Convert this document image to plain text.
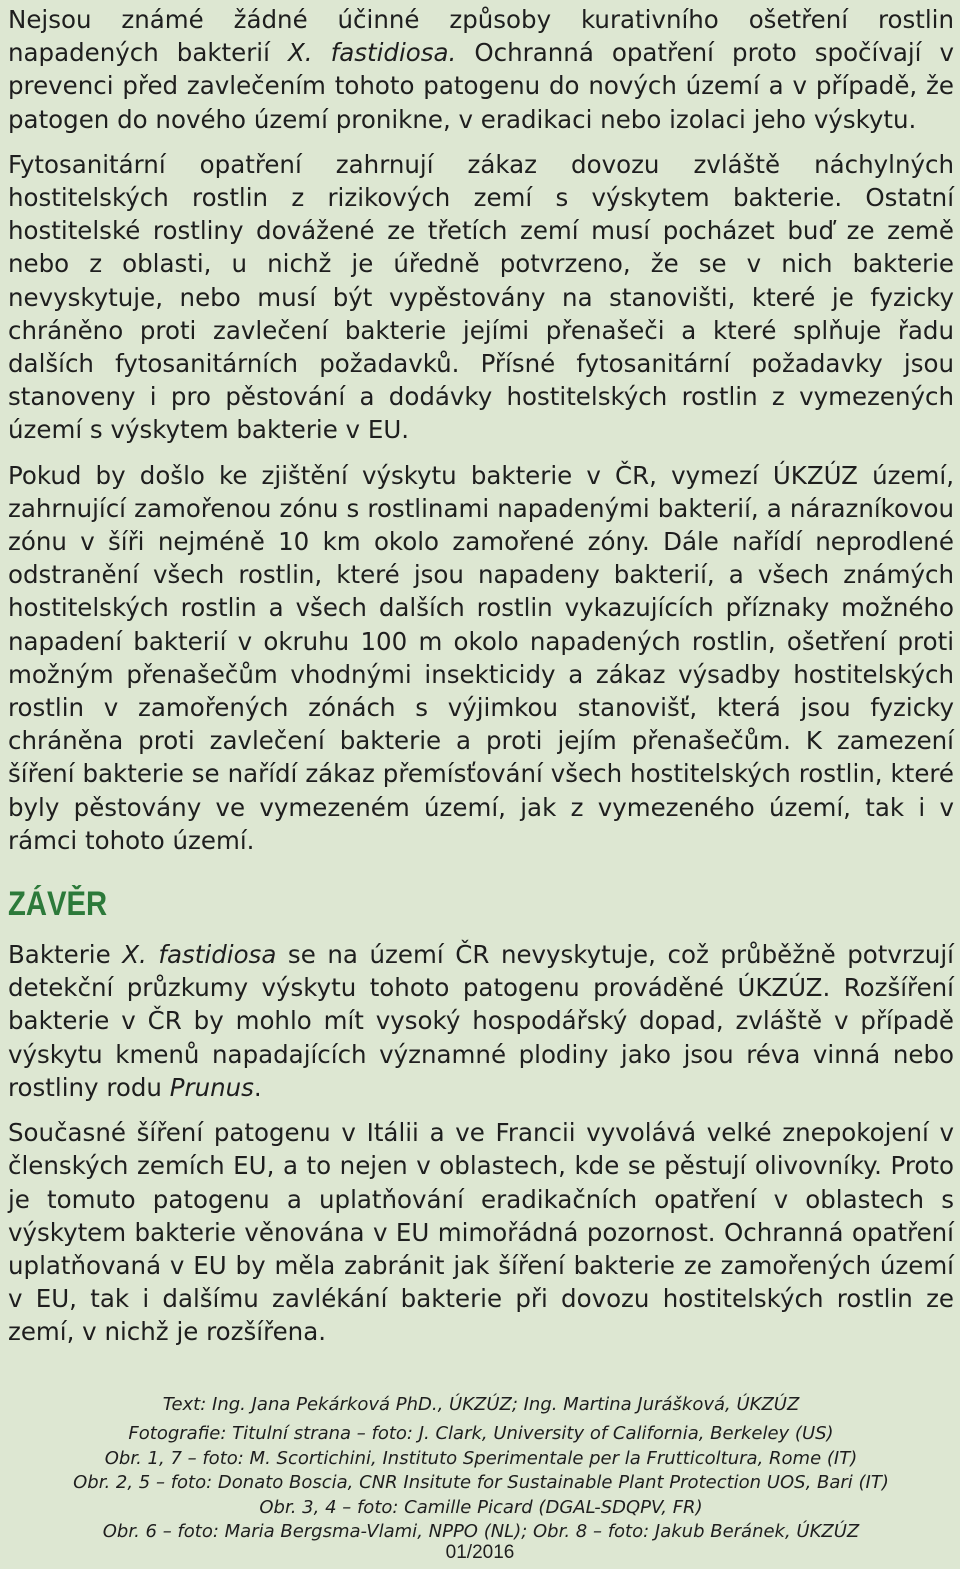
Nejsou známé žádné účinné způsoby kurativního ošetření rostlin napadených bakterií X. fastidiosa. Ochranná opatření proto spočívají v prevenci před zavlečením tohoto patogenu do nových území a v případě, že patogen do nového území pronikne, v eradikaci nebo izolaci jeho výskytu.

Fytosanitární opatření zahrnují zákaz dovozu zvláště náchylných hostitelských rostlin z rizikových zemí s výskytem bakterie. Ostatní hostitelské rostliny dovážené ze třetích zemí musí pocházet buď ze země nebo z oblasti, u nichž je úředně potvrzeno, že se v nich bakterie nevyskytuje, nebo musí být vypěstovány na stanovišti, které je fyzicky chráněno proti zavlečení bakterie jejími přenašeči a které splňuje řadu dalších fytosanitárních požadavků. Přísné fytosanitární požadavky jsou stanoveny i pro pěstování a dodávky hostitelských rostlin z vymezených území s výskytem bakterie v EU.

Pokud by došlo ke zjištění výskytu bakterie v ČR, vymezí ÚKZÚZ území, zahrnující zamořenou zónu s rostlinami napadenými bakterií, a nárazníkovou zónu v šíři nejméně 10 km okolo zamořené zóny. Dále nařídí neprodlené odstranění všech rostlin, které jsou napadeny bakterií, a všech známých hostitelských rostlin a všech dalších rostlin vykazujících příznaky možného napadení bakterií v okruhu 100 m okolo napadených rostlin, ošetření proti možným přenašečům vhodnými insekticidy a zákaz výsadby hostitelských rostlin v zamořených zónách s výjimkou stanovišť, která jsou fyzicky chráněna proti zavlečení bakterie a proti jejím přenašečům. K zamezení šíření bakterie se nařídí zákaz přemísťování všech hostitelských rostlin, které byly pěstovány ve vymezeném území, jak z vymezeného území, tak i v rámci tohoto území.

ZÁVĚR

Bakterie X. fastidiosa se na území ČR nevyskytuje, což průběžně potvrzují detekční průzkumy výskytu tohoto patogenu prováděné ÚKZÚZ. Rozšíření bakterie v ČR by mohlo mít vysoký hospodářský dopad, zvláště v případě výskytu kmenů napadajících významné plodiny jako jsou réva vinná nebo rostliny rodu Prunus.

Současné šíření patogenu v Itálii a ve Francii vyvolává velké znepokojení v členských zemích EU, a to nejen v oblastech, kde se pěstují olivovníky. Proto je tomuto patogenu a uplatňování eradikačních opatření v oblastech s výskytem bakterie věnována v EU mimořádná pozornost. Ochranná opatření uplatňovaná v EU by měla zabránit jak šíření bakterie ze zamořených území v EU, tak i dalšímu zavlékání bakterie při dovozu hostitelských rostlin ze zemí, v nichž je rozšířena.

Text: Ing. Jana Pekárková PhD., ÚKZÚZ; Ing. Martina Jurášková, ÚKZÚZ
Fotografie: Titulní strana – foto: J. Clark, University of California, Berkeley (US)
Obr. 1, 7 – foto: M. Scortichini, Instituto Sperimentale per la Frutticoltura, Rome (IT)
Obr. 2, 5 – foto: Donato Boscia, CNR Insitute for Sustainable Plant Protection UOS, Bari (IT)
Obr. 3, 4 – foto: Camille Picard (DGAL-SDQPV, FR)
Obr. 6 – foto: Maria Bergsma-Vlami, NPPO (NL); Obr. 8 – foto: Jakub Beránek, ÚKZÚZ
01/2016
